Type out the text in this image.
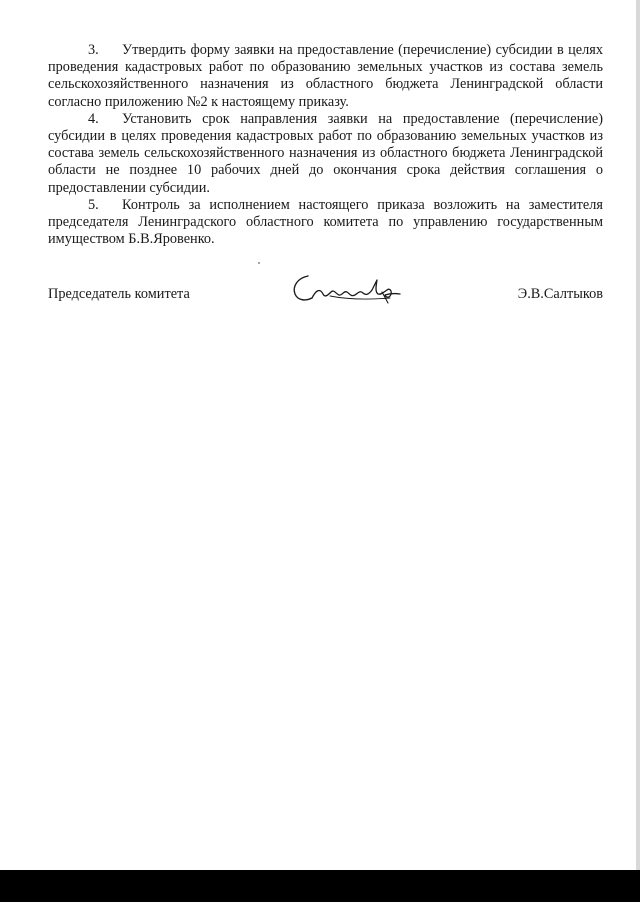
3. Утвердить форму заявки на предоставление (перечисление) субсидии в целях проведения кадастровых работ по образованию земельных участков из состава земель сельскохозяйственного назначения из областного бюджета Ленинградской области согласно приложению №2 к настоящему приказу.

4. Установить срок направления заявки на предоставление (перечисление) субсидии в целях проведения кадастровых работ по образованию земельных участков из состава земель сельскохозяйственного назначения из областного бюджета Ленинградской области не позднее 10 рабочих дней до окончания срока действия соглашения о предоставлении субсидии.

5. Контроль за исполнением настоящего приказа возложить на заместителя председателя Ленинградского областного комитета по управлению государственным имуществом Б.В.Яровенко.

Председатель комитета	Э.В.Салтыков
